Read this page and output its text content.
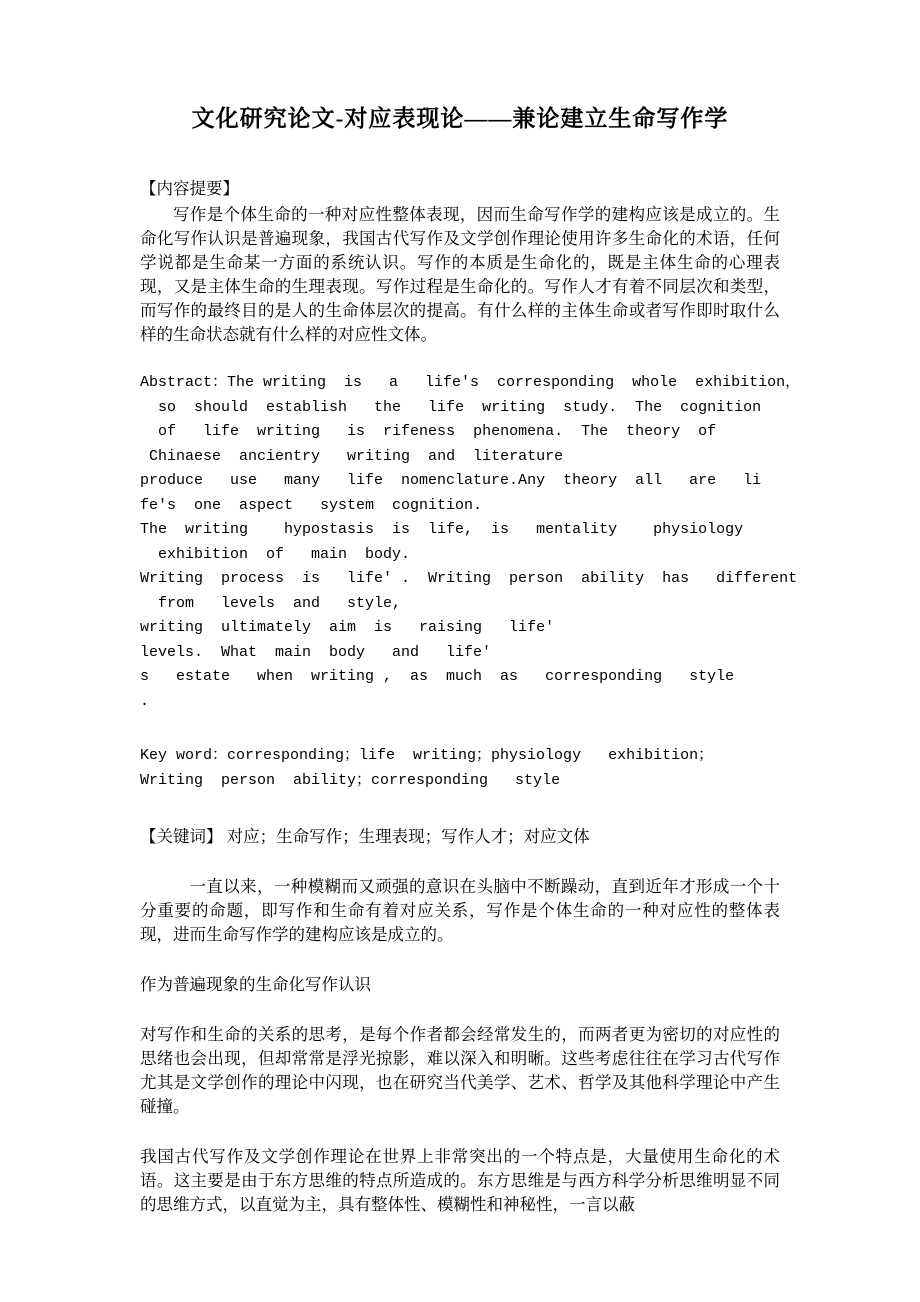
文化研究论文-对应表现论——兼论建立生命写作学

【内容提要】

写作是个体生命的一种对应性整体表现，因而生命写作学的建构应该是成立的。生命化写作认识是普遍现象，我国古代写作及文学创作理论使用许多生命化的术语，任何学说都是生命某一方面的系统认识。写作的本质是生命化的，既是主体生命的心理表现，又是主体生命的生理表现。写作过程是生命化的。写作人才有着不同层次和类型，而写作的最终目的是人的生命体层次的提高。有什么样的主体生命或者写作即时取什么样的生命状态就有什么样的对应性文体。

Abstract：The writing  is   a   life's  corresponding  whole  exhibition，
so  should  establish   the   life  writing  study.  The  cognition
of   life  writing   is  rifeness  phenomena.  The  theory  of
Chinaese  ancientry   writing  and  literature
produce   use   many   life  nomenclature.Any  theory  all   are   li
fe's  one  aspect   system  cognition.
The  writing    hypostasis  is  life,  is   mentality    physiology
exhibition  of   main  body.
Writing  process  is   life' .  Writing  person  ability  has   different
from   levels  and   style,
writing  ultimately  aim  is   raising   life'
levels.  What  main  body   and   life'
s   estate   when  writing ,  as  much  as   corresponding   style
.
Key word：corresponding；life  writing；physiology   exhibition；
Writing  person  ability；corresponding   style

【关键词】 对应；生命写作；生理表现；写作人才；对应文体

一直以来，一种模糊而又顽强的意识在头脑中不断躁动，直到近年才形成一个十分重要的命题，即写作和生命有着对应关系，写作是个体生命的一种对应性的整体表现，进而生命写作学的建构应该是成立的。

作为普遍现象的生命化写作认识

对写作和生命的关系的思考，是每个作者都会经常发生的，而两者更为密切的对应性的思绪也会出现，但却常常是浮光掠影，难以深入和明晰。这些考虑往往在学习古代写作尤其是文学创作的理论中闪现，也在研究当代美学、艺术、哲学及其他科学理论中产生碰撞。

我国古代写作及文学创作理论在世界上非常突出的一个特点是，大量使用生命化的术语。这主要是由于东方思维的特点所造成的。东方思维是与西方科学分析思维明显不同的思维方式，以直觉为主，具有整体性、模糊性和神秘性，一言以蔽
